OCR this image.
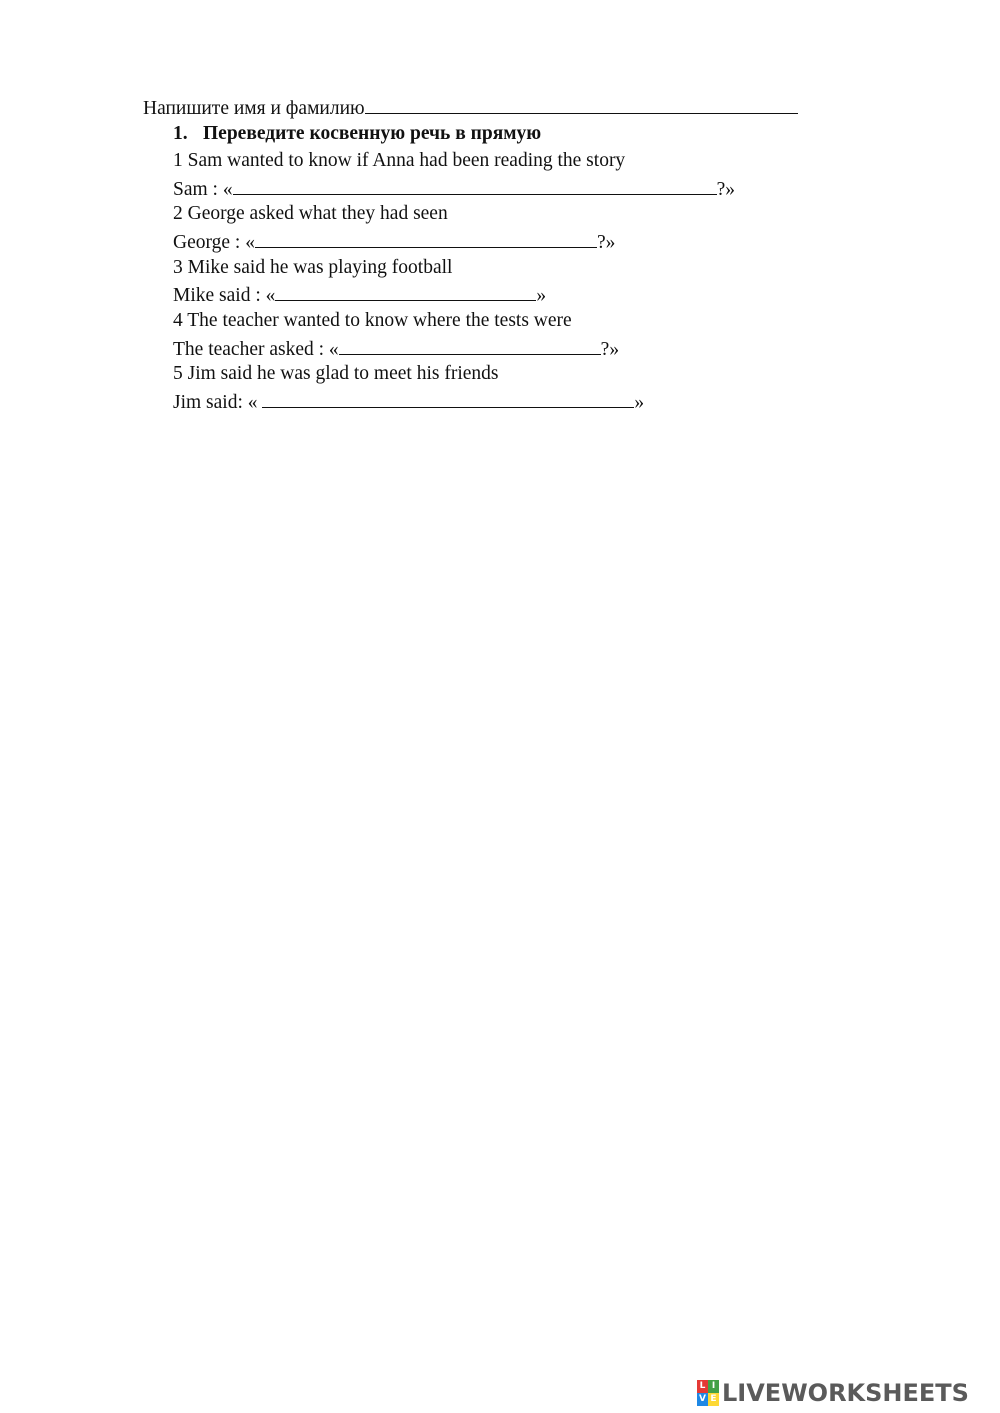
Напишите имя и фамилию
1. Переведите косвенную речь в прямую
1 Sam wanted to know if Anna had been reading the story
Sam : «	?»
2 George asked what they had seen
George : «	?»
3 Mike said he was playing football
Mike said : «	»
4 The teacher wanted to know where the tests were
The teacher asked : «	?»
5 Jim said he was glad to meet his friends
Jim said: «	»
L I
V E LIVEWORKSHEETS
